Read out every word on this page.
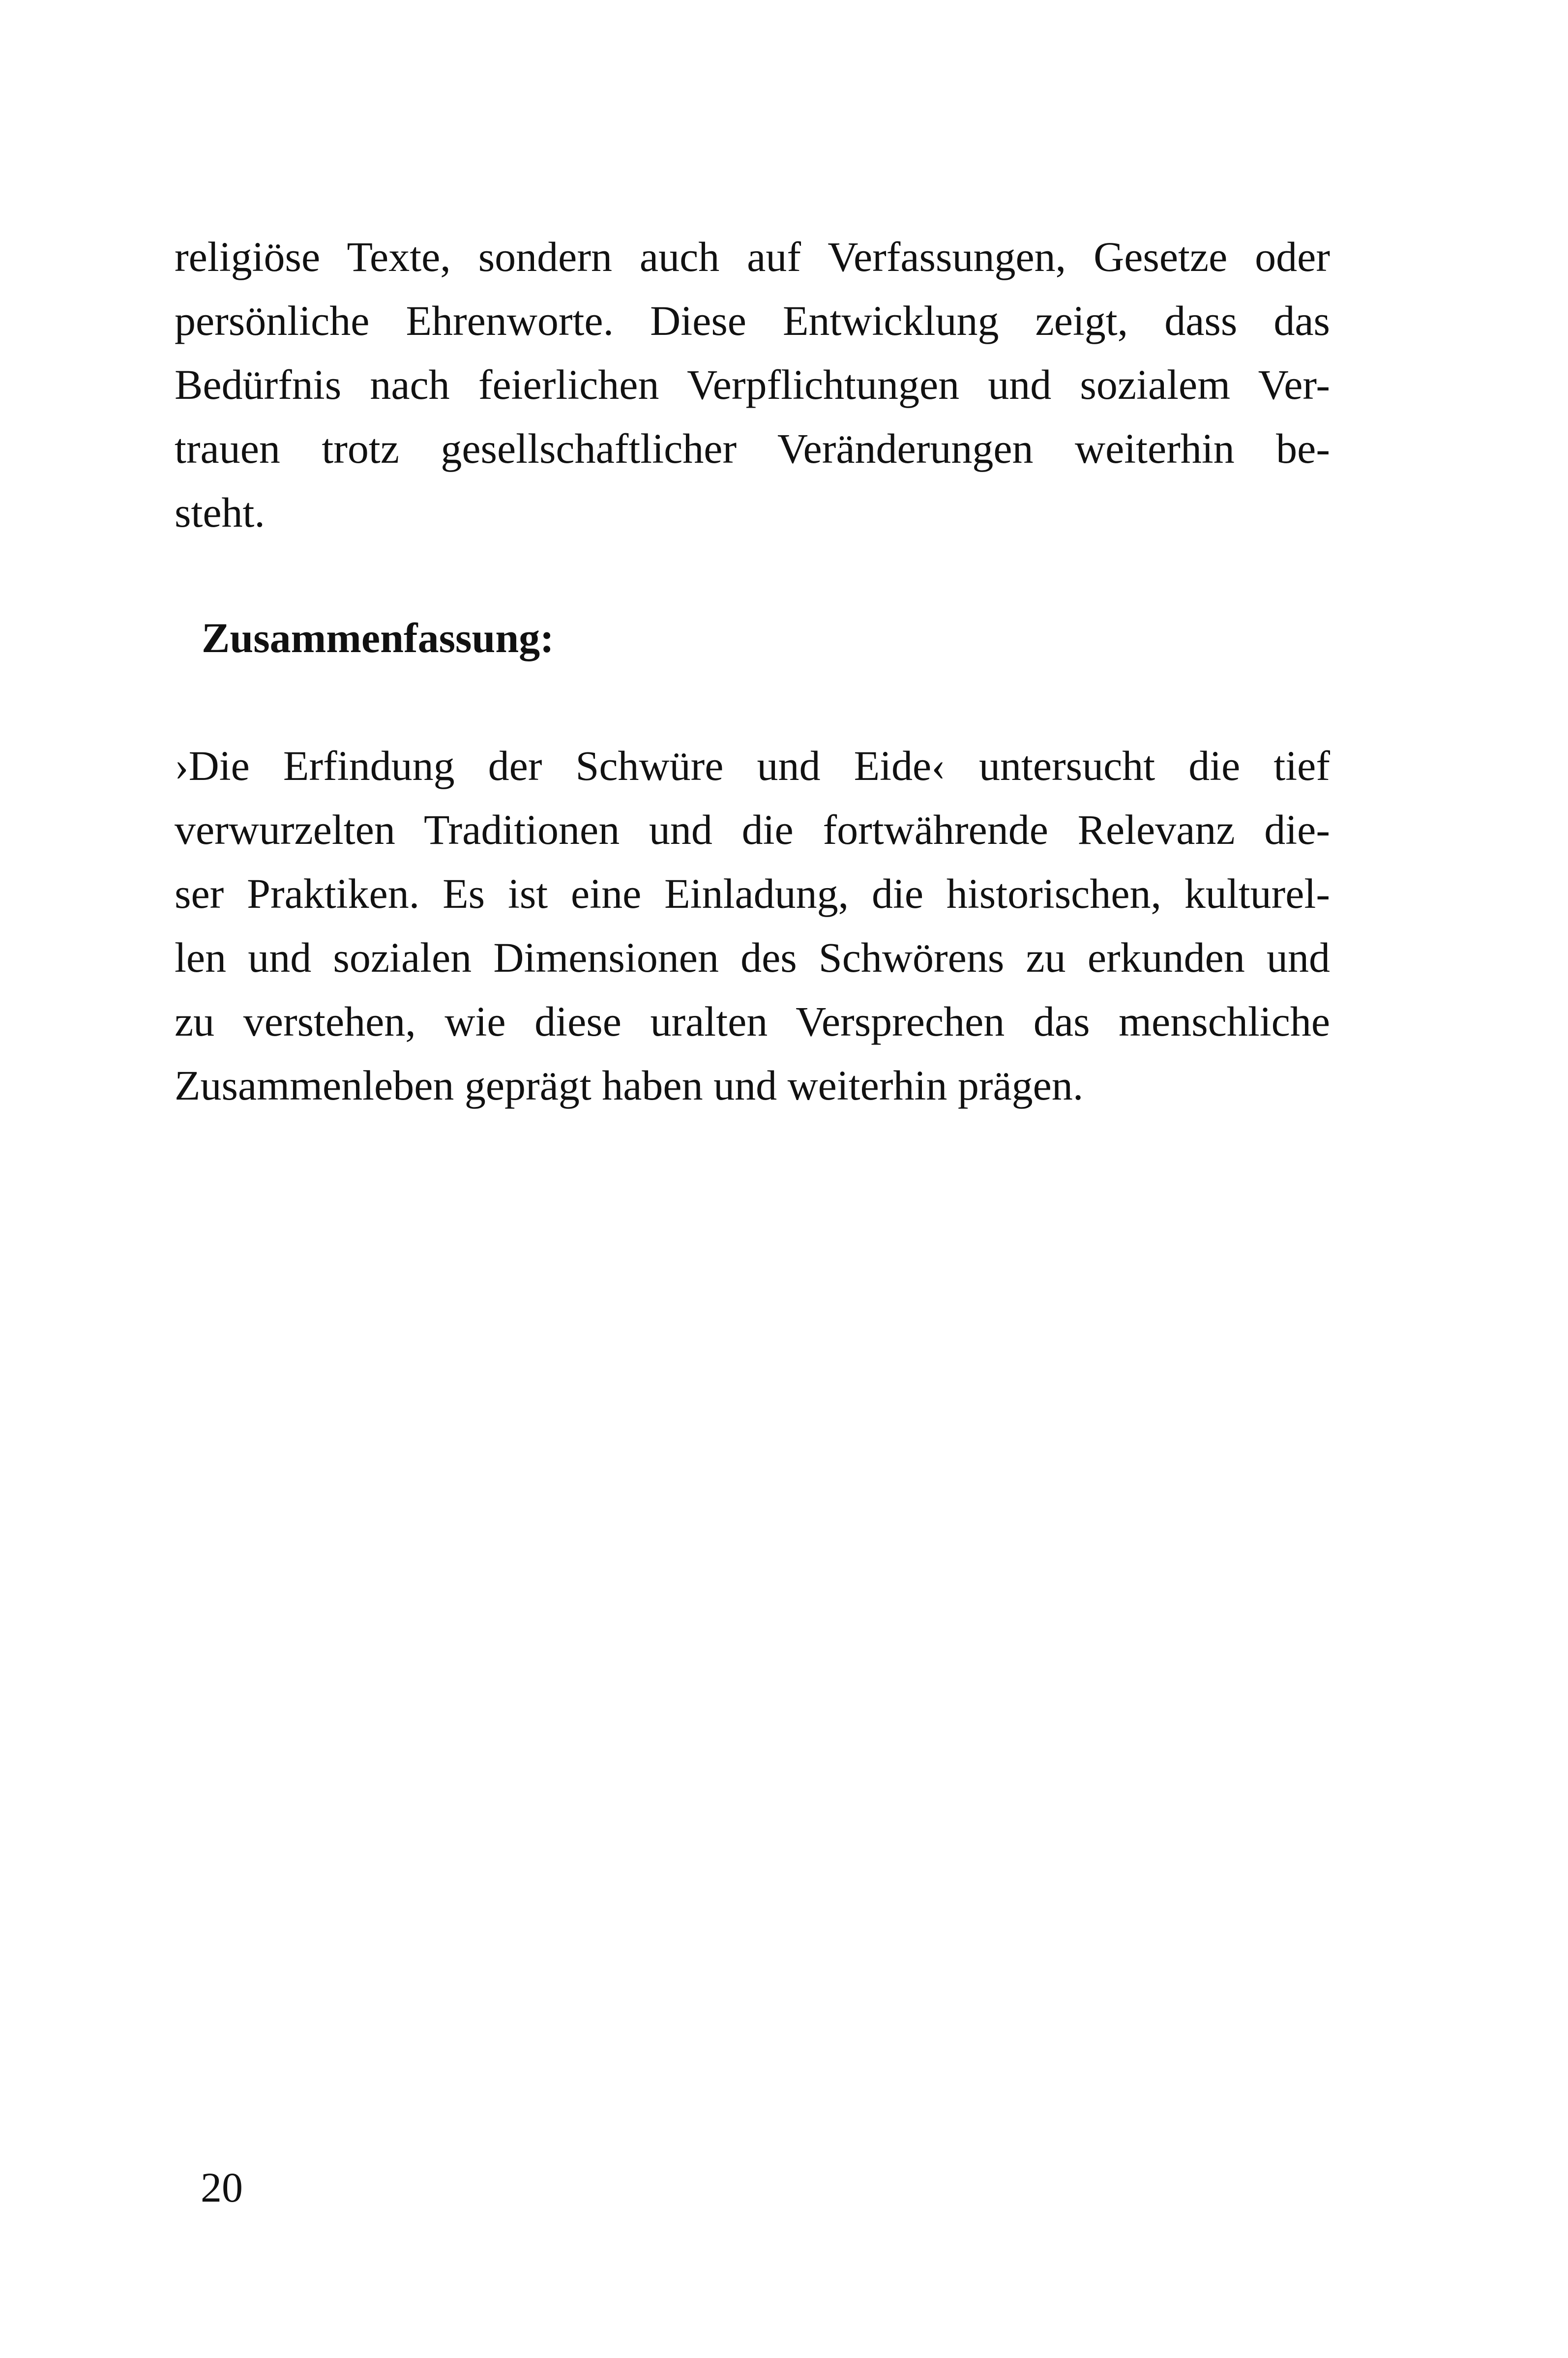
religiöse Texte, sondern auch auf Verfassungen, Gesetze oder
persönliche Ehrenworte. Diese Entwicklung zeigt, dass das
Bedürfnis nach feierlichen Verpflichtungen und sozialem Ver-
trauen trotz gesellschaftlicher Veränderungen weiterhin be-
steht.
Zusammenfassung:
›Die Erfindung der Schwüre und Eide‹ untersucht die tief
verwurzelten Traditionen und die fortwährende Relevanz die-
ser Praktiken. Es ist eine Einladung, die historischen, kulturel-
len und sozialen Dimensionen des Schwörens zu erkunden und
zu verstehen, wie diese uralten Versprechen das menschliche
Zusammenleben geprägt haben und weiterhin prägen.
20
